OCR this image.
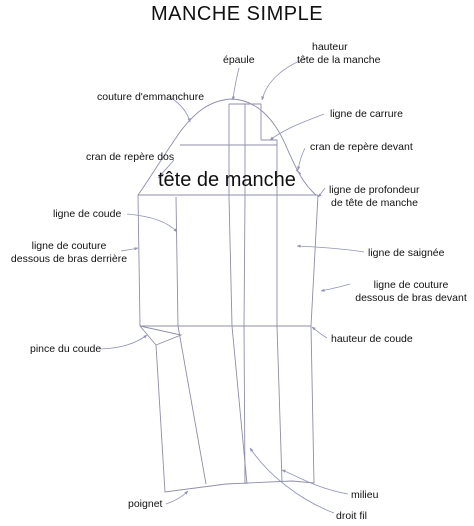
MANCHE SIMPLE
tête de manche
épaule
hauteur
tête de la manche
couture d'emmanchure
ligne de carrure
cran de repère dos
cran de repère devant
ligne de profondeur
de tête de manche
ligne de coude
ligne de couture
dessous de bras derrière	ligne de saignée
ligne de couture
dessous de bras devant
hauteur de coude
pince du coude
poignet
milieu
droit fil
